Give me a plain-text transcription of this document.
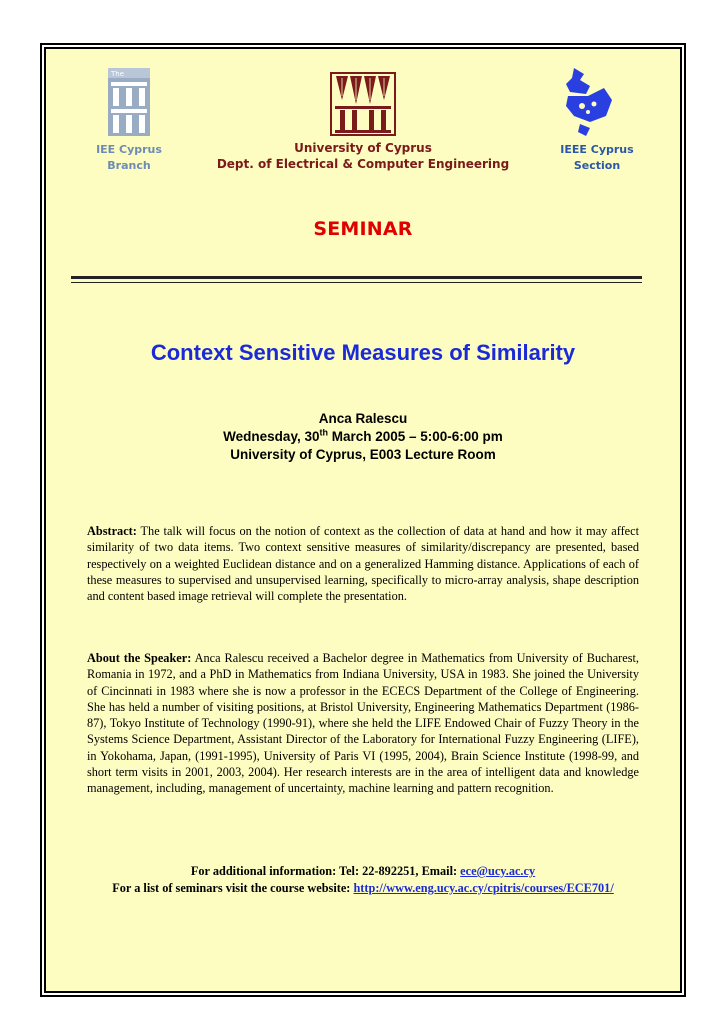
The
IEE Cyprus
Branch
University of Cyprus
Dept. of Electrical & Computer Engineering
IEEE Cyprus
Section
SEMINAR
Context Sensitive Measures of Similarity
Anca Ralescu
Wednesday, 30th March 2005 – 5:00-6:00 pm
University of Cyprus, E003 Lecture Room
Abstract: The talk will focus on the notion of context as the collection of data at hand and how it may affect similarity of two data items. Two context sensitive measures of similarity/discrepancy are presented, based respectively on a weighted Euclidean distance and on a generalized Hamming distance. Applications of each of these measures to supervised and unsupervised learning, specifically to micro-array analysis, shape description and content based image retrieval will complete the presentation.
About the Speaker: Anca Ralescu received a Bachelor degree in Mathematics from University of Bucharest, Romania in 1972, and a PhD in Mathematics from Indiana University, USA in 1983. She joined the University of Cincinnati in 1983 where she is now a professor in the ECECS Department of the College of Engineering. She has held a number of visiting positions, at Bristol University, Engineering Mathematics Department (1986-87), Tokyo Institute of Technology (1990-91), where she held the LIFE Endowed Chair of Fuzzy Theory in the Systems Science Department, Assistant Director of the Laboratory for International Fuzzy Engineering (LIFE), in Yokohama, Japan, (1991-1995), University of Paris VI (1995, 2004), Brain Science Institute (1998-99, and short term visits in 2001, 2003, 2004). Her research interests are in the area of intelligent data and knowledge management, including, management of uncertainty, machine learning and pattern recognition.
For additional information: Tel: 22-892251, Email: ece@ucy.ac.cy
For a list of seminars visit the course website: http://www.eng.ucy.ac.cy/cpitris/courses/ECE701/
